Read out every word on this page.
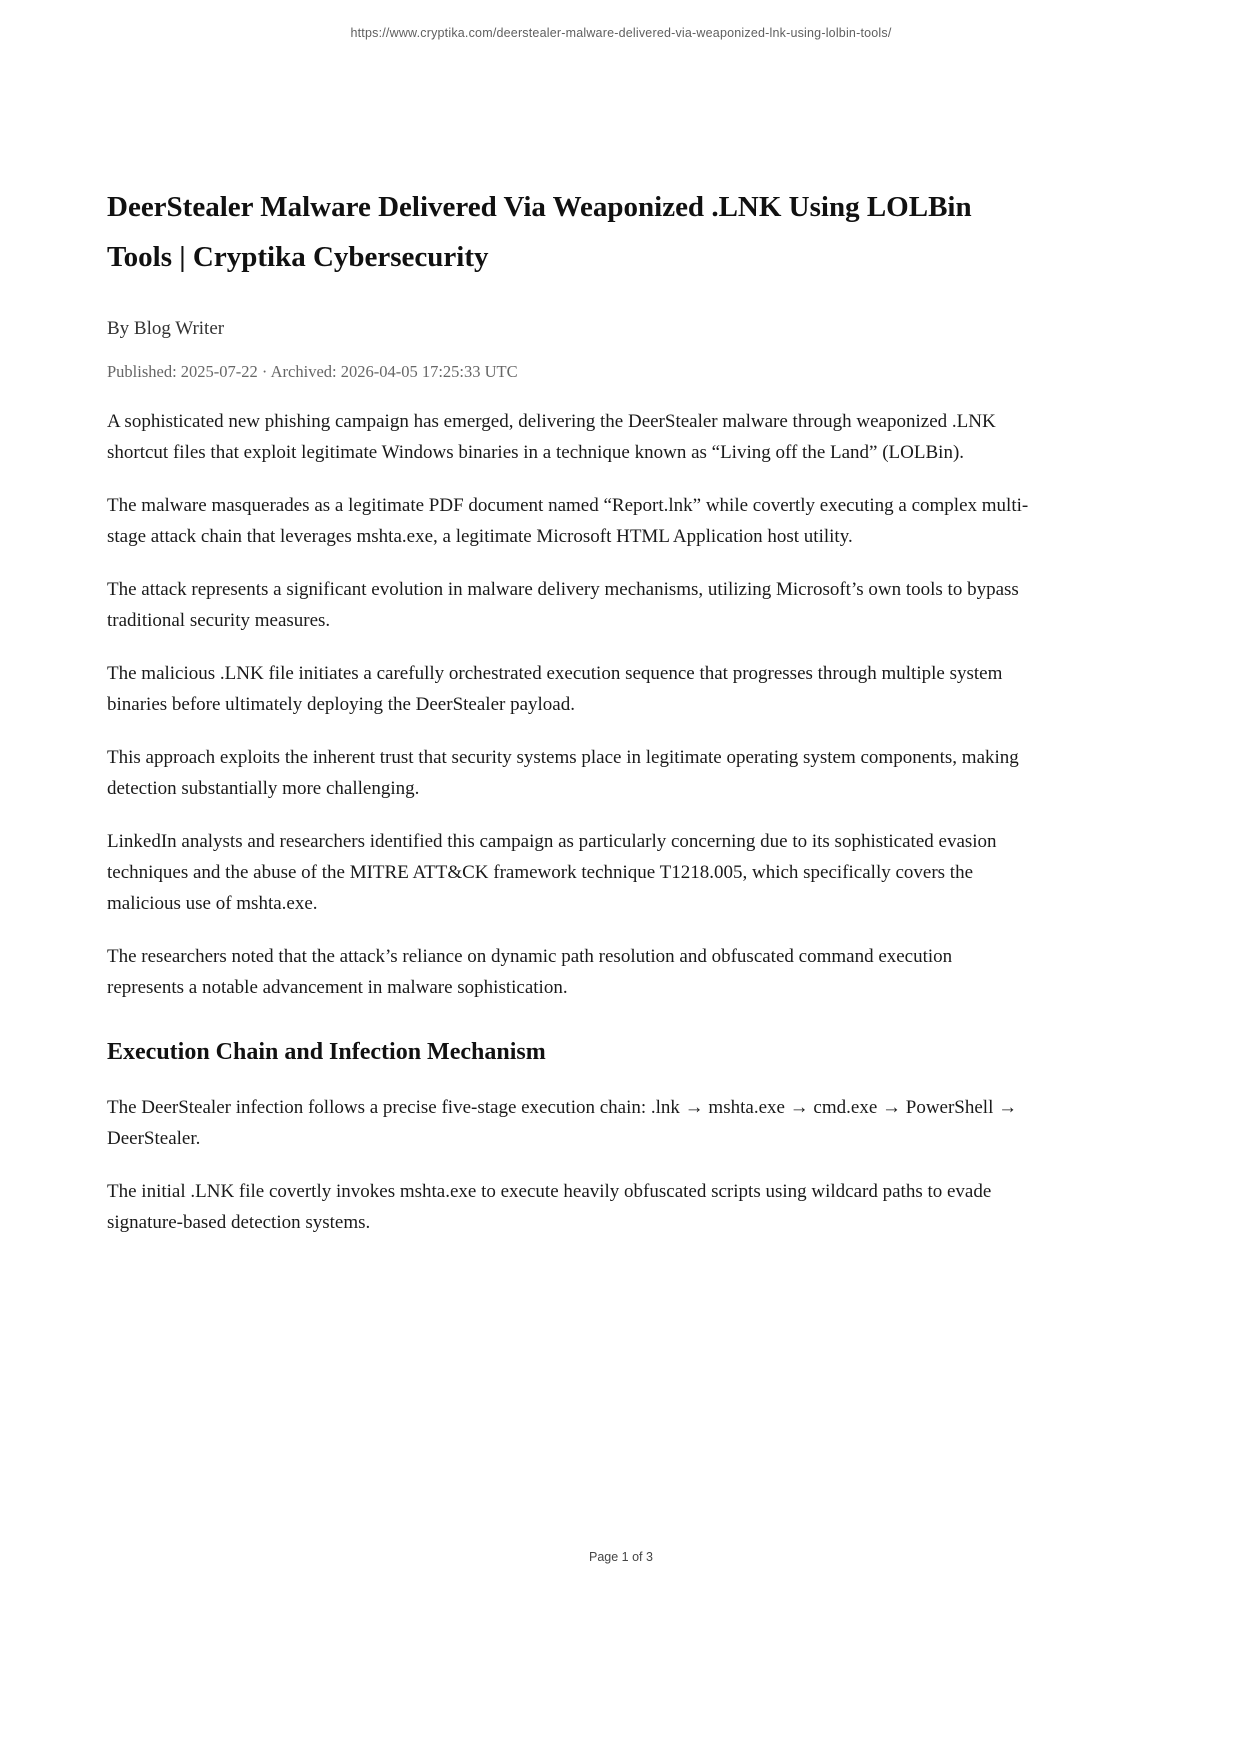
https://www.cryptika.com/deerstealer-malware-delivered-via-weaponized-lnk-using-lolbin-tools/
DeerStealer Malware Delivered Via Weaponized .LNK Using LOLBin Tools | Cryptika Cybersecurity
By Blog Writer
Published: 2025-07-22 · Archived: 2026-04-05 17:25:33 UTC

A sophisticated new phishing campaign has emerged, delivering the DeerStealer malware through weaponized .LNK shortcut files that exploit legitimate Windows binaries in a technique known as “Living off the Land” (LOLBin).

The malware masquerades as a legitimate PDF document named “Report.lnk” while covertly executing a complex multi-stage attack chain that leverages mshta.exe, a legitimate Microsoft HTML Application host utility.

The attack represents a significant evolution in malware delivery mechanisms, utilizing Microsoft’s own tools to bypass traditional security measures.

The malicious .LNK file initiates a carefully orchestrated execution sequence that progresses through multiple system binaries before ultimately deploying the DeerStealer payload.

This approach exploits the inherent trust that security systems place in legitimate operating system components, making detection substantially more challenging.

LinkedIn analysts and researchers identified this campaign as particularly concerning due to its sophisticated evasion techniques and the abuse of the MITRE ATT&CK framework technique T1218.005, which specifically covers the malicious use of mshta.exe.

The researchers noted that the attack’s reliance on dynamic path resolution and obfuscated command execution represents a notable advancement in malware sophistication.

Execution Chain and Infection Mechanism

The DeerStealer infection follows a precise five-stage execution chain: .lnk → mshta.exe → cmd.exe → PowerShell → DeerStealer.

The initial .LNK file covertly invokes mshta.exe to execute heavily obfuscated scripts using wildcard paths to evade signature-based detection systems.

Page 1 of 3
